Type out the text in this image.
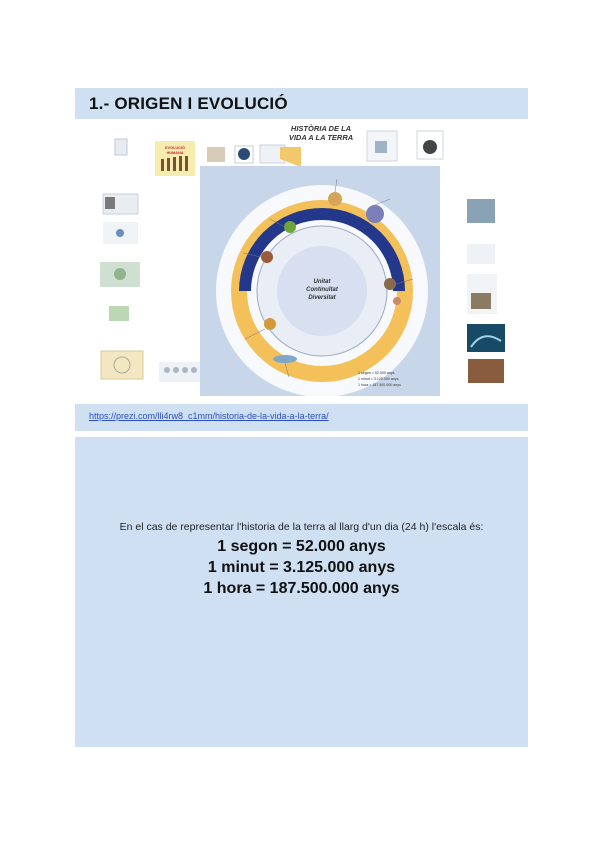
1.- ORIGEN I EVOLUCIÓ
HISTÒRIA DE LA
VIDA A LA TERRA
EVOLUCIÓ
HUMANA
Unitat
Continuïtat
Diversitat
1 segon = 52.000 anys
1 minut = 3.125.000 anys
1 hora = 187.500.000 anys
https://prezi.com/lli4rw8_c1mm/historia-de-la-vida-a-la-terra/
En el cas de representar l'historia de la terra al llarg d'un dia (24 h) l'escala és:
1 segon = 52.000 anys
1 minut = 3.125.000 anys
1 hora = 187.500.000 anys
